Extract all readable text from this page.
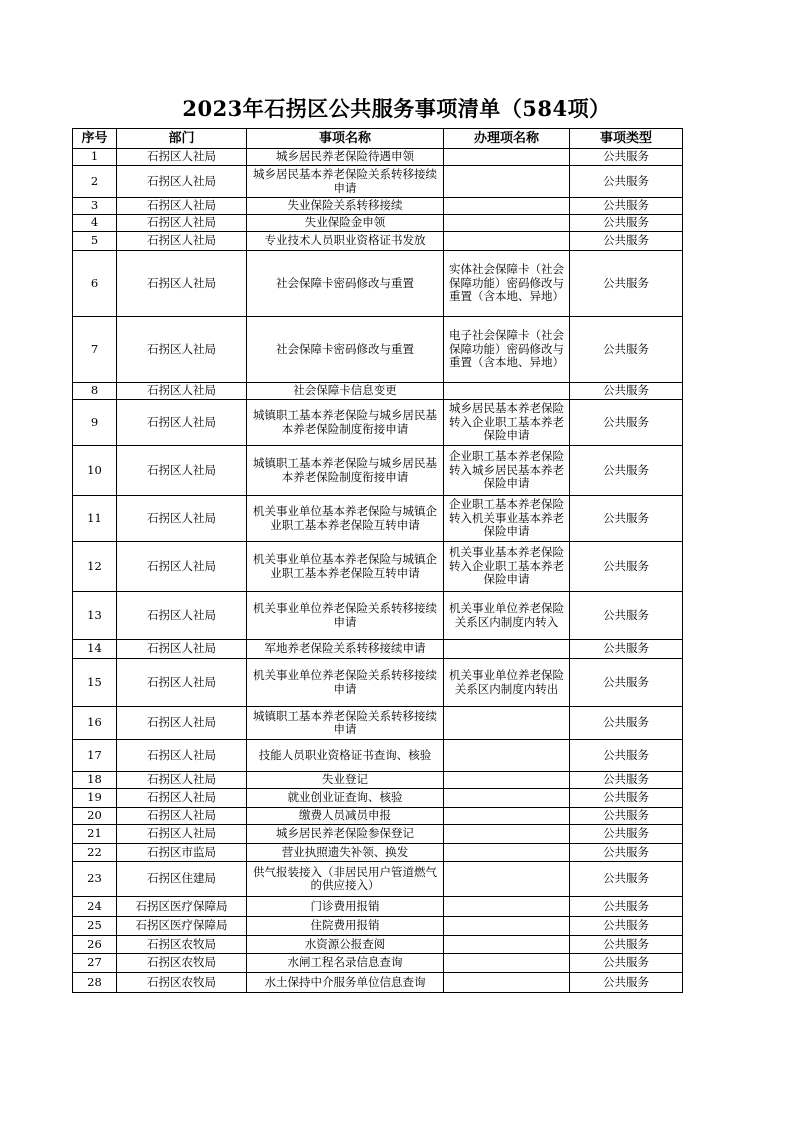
2023年石拐区公共服务事项清单（584项）
序号	部门	事项名称	办理项名称	事项类型
1	石拐区人社局	城乡居民养老保险待遇申领		公共服务
2	石拐区人社局	城乡居民基本养老保险关系转移接续申请		公共服务
3	石拐区人社局	失业保险关系转移接续		公共服务
4	石拐区人社局	失业保险金申领		公共服务
5	石拐区人社局	专业技术人员职业资格证书发放		公共服务
6	石拐区人社局	社会保障卡密码修改与重置	实体社会保障卡（社会保障功能）密码修改与重置（含本地、异地）	公共服务
7	石拐区人社局	社会保障卡密码修改与重置	电子社会保障卡（社会保障功能）密码修改与重置（含本地、异地）	公共服务
8	石拐区人社局	社会保障卡信息变更		公共服务
9	石拐区人社局	城镇职工基本养老保险与城乡居民基本养老保险制度衔接申请	城乡居民基本养老保险转入企业职工基本养老保险申请	公共服务
10	石拐区人社局	城镇职工基本养老保险与城乡居民基本养老保险制度衔接申请	企业职工基本养老保险转入城乡居民基本养老保险申请	公共服务
11	石拐区人社局	机关事业单位基本养老保险与城镇企业职工基本养老保险互转申请	企业职工基本养老保险转入机关事业基本养老保险申请	公共服务
12	石拐区人社局	机关事业单位基本养老保险与城镇企业职工基本养老保险互转申请	机关事业基本养老保险转入企业职工基本养老保险申请	公共服务
13	石拐区人社局	机关事业单位养老保险关系转移接续申请	机关事业单位养老保险关系区内制度内转入	公共服务
14	石拐区人社局	军地养老保险关系转移接续申请		公共服务
15	石拐区人社局	机关事业单位养老保险关系转移接续申请	机关事业单位养老保险关系区内制度内转出	公共服务
16	石拐区人社局	城镇职工基本养老保险关系转移接续申请		公共服务
17	石拐区人社局	技能人员职业资格证书查询、核验		公共服务
18	石拐区人社局	失业登记		公共服务
19	石拐区人社局	就业创业证查询、核验		公共服务
20	石拐区人社局	缴费人员减员申报		公共服务
21	石拐区人社局	城乡居民养老保险参保登记		公共服务
22	石拐区市监局	营业执照遗失补领、换发		公共服务
23	石拐区住建局	供气报装接入（非居民用户管道燃气的供应接入）		公共服务
24	石拐区医疗保障局	门诊费用报销		公共服务
25	石拐区医疗保障局	住院费用报销		公共服务
26	石拐区农牧局	水资源公报查阅		公共服务
27	石拐区农牧局	水闸工程名录信息查询		公共服务
28	石拐区农牧局	水土保持中介服务单位信息查询		公共服务
